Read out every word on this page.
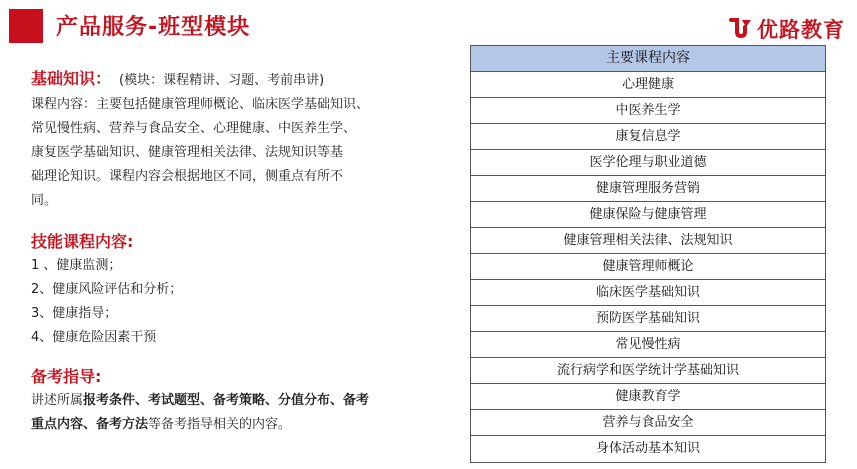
产品服务-班型模块	优路教育
基础知识： (模块：课程精讲、习题、考前串讲)

课程内容：主要包括健康管理师概论、临床医学基础知识、

常见慢性病、营养与食品安全、心理健康、中医养生学、

康复医学基础知识、健康管理相关法律、法规知识等基

础理论知识。课程内容会根据地区不同，侧重点有所不

同。

技能课程内容:
1 、健康监测；
2、健康风险评估和分析；
3、健康指导；
4、健康危险因素干预
备考指导:
讲述所属报考条件、考试题型、备考策略、分值分布、备考
重点内容、备考方法等备考指导相关的内容。
主要课程内容
心理健康
中医养生学
康复信息学
医学伦理与职业道德
健康管理服务营销
健康保险与健康管理
健康管理相关法律、法规知识
健康管理师概论
临床医学基础知识
预防医学基础知识
常见慢性病
流行病学和医学统计学基础知识
健康教育学
营养与食品安全
身体活动基本知识
